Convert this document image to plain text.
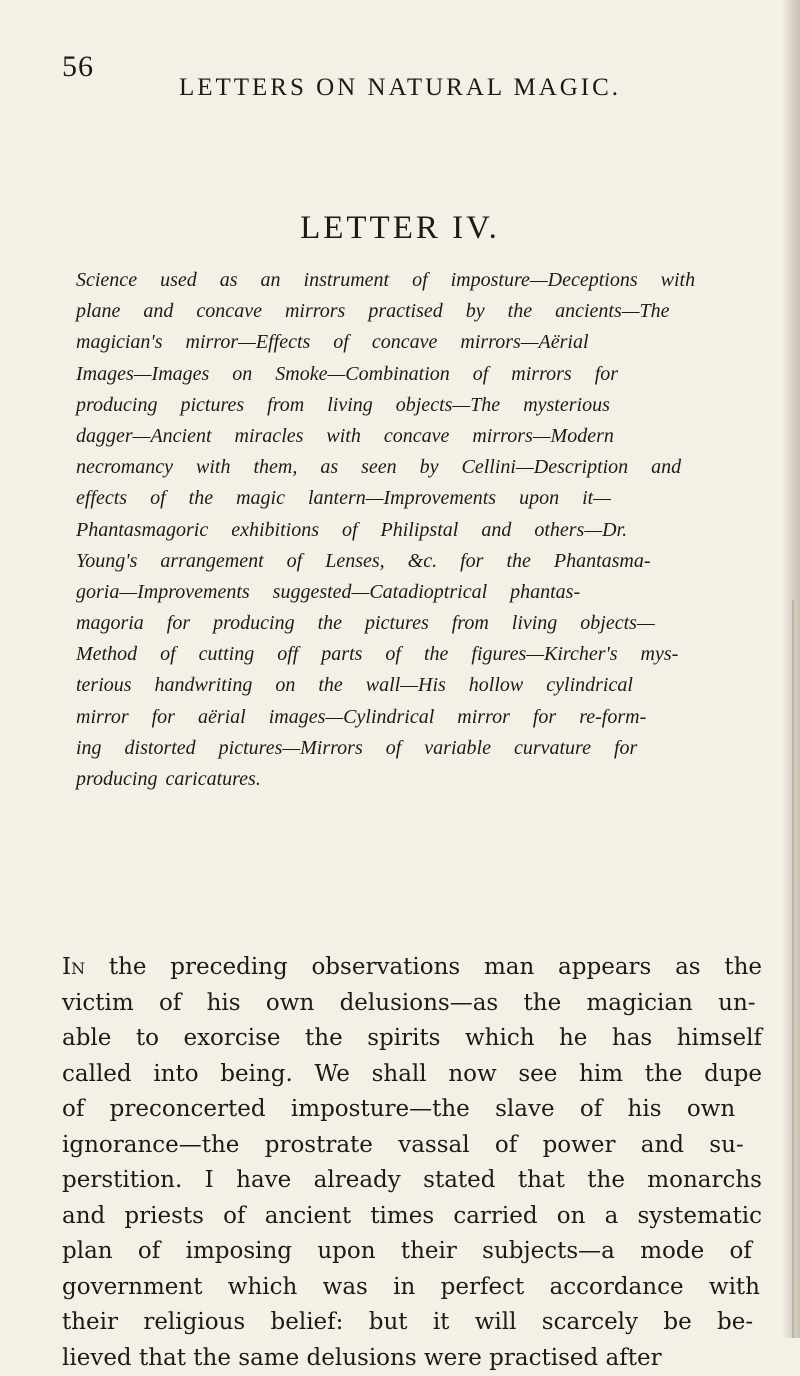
56
LETTERS ON NATURAL MAGIC.
LETTER IV.
Science used as an instrument of imposture—Deceptions with
plane and concave mirrors practised by the ancients—The
magician's mirror—Effects of concave mirrors—Aërial
Images—Images on Smoke—Combination of mirrors for
producing pictures from living objects—The mysterious
dagger—Ancient miracles with concave mirrors—Modern
necromancy with them, as seen by Cellini—Description and
effects of the magic lantern—Improvements upon it—
Phantasmagoric exhibitions of Philipstal and others—Dr.
Young's arrangement of Lenses, &c. for the Phantasma-
goria—Improvements suggested—Catadioptrical phantas-
magoria for producing the pictures from living objects—
Method of cutting off parts of the figures—Kircher's mys-
terious handwriting on the wall—His hollow cylindrical
mirror for aërial images—Cylindrical mirror for re-form-
ing distorted pictures—Mirrors of variable curvature for
producing caricatures.
In the preceding observations man appears as the
victim of his own delusions—as the magician un-
able to exorcise the spirits which he has himself
called into being. We shall now see him the dupe
of preconcerted imposture—the slave of his own
ignorance—the prostrate vassal of power and su-
perstition. I have already stated that the monarchs
and priests of ancient times carried on a systematic
plan of imposing upon their subjects—a mode of
government which was in perfect accordance with
their religious belief: but it will scarcely be be-
lieved that the same delusions were practised after
